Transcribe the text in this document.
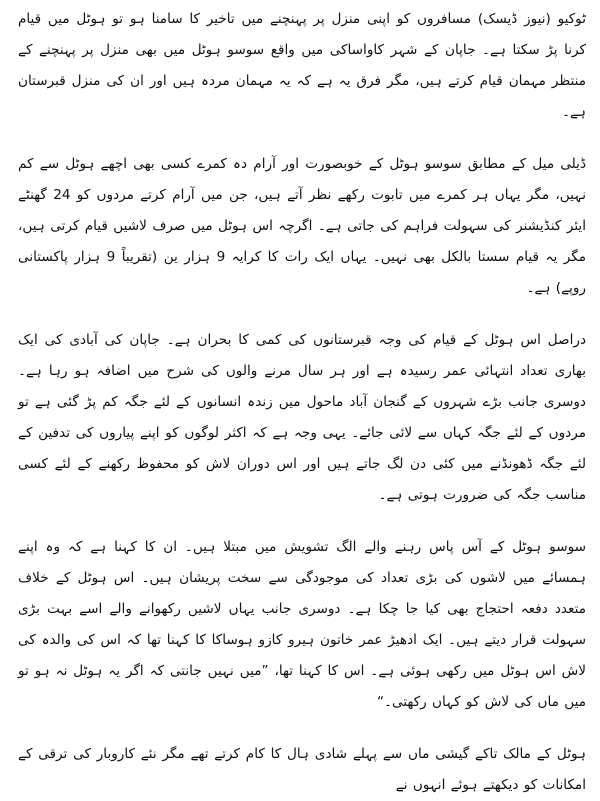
ٹوکیو (نیوز ڈیسک) مسافروں کو اپنی منزل پر پہنچنے میں تاخیر کا سامنا ہو تو ہوٹل میں قیام کرنا پڑ سکتا ہے۔ جاپان کے شہر کاواساکی میں واقع سوسو ہوٹل میں بھی منزل پر پہنچنے کے منتظر مہمان قیام کرتے ہیں، مگر فرق یہ ہے کہ یہ مہمان مردہ ہیں اور ان کی منزل قبرستان ہے۔

ڈیلی میل کے مطابق سوسو ہوٹل کے خوبصورت اور آرام دہ کمرے کسی بھی اچھے ہوٹل سے کم نہیں، مگر یہاں ہر کمرے میں تابوت رکھے نظر آتے ہیں، جن میں آرام کرتے مردوں کو 24 گھنٹے ایئر کنڈیشنر کی سہولت فراہم کی جاتی ہے۔ اگرچہ اس ہوٹل میں صرف لاشیں قیام کرتی ہیں، مگر یہ قیام سستا بالکل بھی نہیں۔ یہاں ایک رات کا کرایہ 9 ہزار ین (تقریباً 9 ہزار پاکستانی روپے) ہے۔

دراصل اس ہوٹل کے قیام کی وجہ قبرستانوں کی کمی کا بحران ہے۔ جاپان کی آبادی کی ایک بھاری تعداد انتہائی عمر رسیدہ ہے اور ہر سال مرنے والوں کی شرح میں اضافہ ہو رہا ہے۔ دوسری جانب بڑے شہروں کے گنجان آباد ماحول میں زندہ انسانوں کے لئے جگہ کم پڑ گئی ہے تو مردوں کے لئے جگہ کہاں سے لائی جائے۔ یہی وجہ ہے کہ اکثر لوگوں کو اپنے پیاروں کی تدفین کے لئے جگہ ڈھونڈنے میں کئی دن لگ جاتے ہیں اور اس دوران لاش کو محفوظ رکھنے کے لئے کسی مناسب جگہ کی ضرورت ہوتی ہے۔

سوسو ہوٹل کے آس پاس رہنے والے الگ تشویش میں مبتلا ہیں۔ ان کا کہنا ہے کہ وہ اپنے ہمسائے میں لاشوں کی بڑی تعداد کی موجودگی سے سخت پریشان ہیں۔ اس ہوٹل کے خلاف متعدد دفعہ احتجاج بھی کیا جا چکا ہے۔ دوسری جانب یہاں لاشیں رکھوانے والے اسے بہت بڑی سہولت قرار دیتے ہیں۔ ایک ادھیڑ عمر خاتون ہیرو کازو ہوساکا کا کہنا تھا کہ اس کی والدہ کی لاش اس ہوٹل میں رکھی ہوئی ہے۔ اس کا کہنا تھا، ”میں نہیں جانتی کہ اگر یہ ہوٹل نہ ہو تو میں ماں کی لاش کو کہاں رکھتی۔“

ہوٹل کے مالک تاکے گیشی ماں سے پہلے شادی ہال کا کام کرتے تھے مگر نئے کاروبار کی ترقی کے امکانات کو دیکھتے ہوئے انہوں نے
